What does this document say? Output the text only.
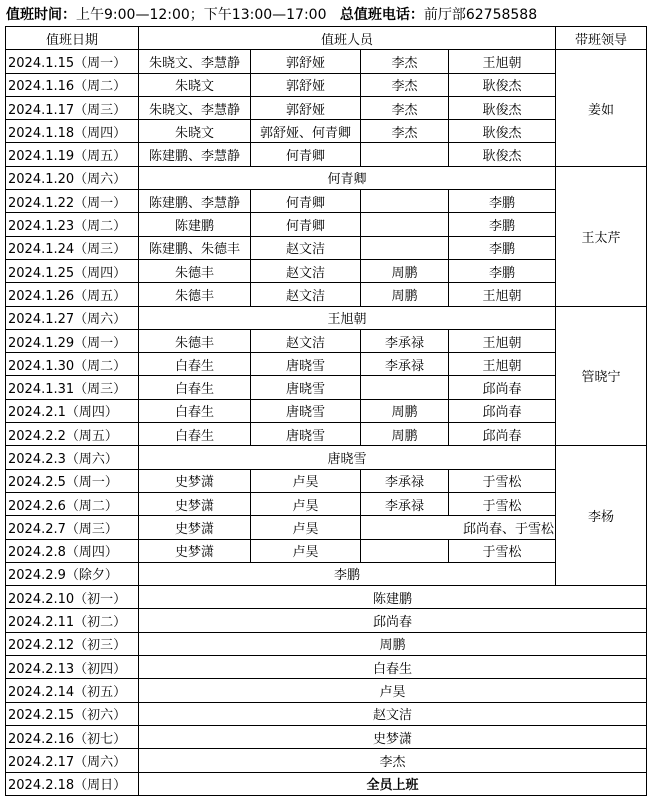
值班时间：上午9:00—12:00；下午13:00—17:00 总值班电话：前厅部62758588
值班日期	值班人员				带班领导
2024.1.15（周一）	朱晓文、李慧静	郭舒娅	李杰	王旭朝	姜如
2024.1.16（周二）	朱晓文	郭舒娅	李杰	耿俊杰	
2024.1.17（周三）	朱晓文、李慧静	郭舒娅	李杰	耿俊杰	
2024.1.18（周四）	朱晓文	郭舒娅、何青卿	李杰	耿俊杰	
2024.1.19（周五）	陈建鹏、李慧静	何青卿		耿俊杰	
2024.1.20（周六）	何青卿				王太芹
2024.1.22（周一）	陈建鹏、李慧静	何青卿		李鹏	
2024.1.23（周二）	陈建鹏	何青卿		李鹏	
2024.1.24（周三）	陈建鹏、朱德丰	赵文洁		李鹏	
2024.1.25（周四）	朱德丰	赵文洁	周鹏	李鹏	
2024.1.26（周五）	朱德丰	赵文洁	周鹏	王旭朝	
2024.1.27（周六）	王旭朝				管晓宁
2024.1.29（周一）	朱德丰	赵文洁	李承禄	王旭朝	
2024.1.30（周二）	白春生	唐晓雪	李承禄	王旭朝	
2024.1.31（周三）	白春生	唐晓雪		邱尚春	
2024.2.1（周四）	白春生	唐晓雪	周鹏	邱尚春	
2024.2.2（周五）	白春生	唐晓雪	周鹏	邱尚春	
2024.2.3（周六）	唐晓雪				李杨
2024.2.5（周一）	史梦潇	卢昊	李承禄	于雪松	
2024.2.6（周二）	史梦潇	卢昊	李承禄	于雪松	
2024.2.7（周三）	史梦潇	卢昊	邱尚春、于雪松		
2024.2.8（周四）	史梦潇	卢昊		于雪松	
2024.2.9（除夕）	李鹏				
2024.2.10（初一）	陈建鹏				
2024.2.11（初二）	邱尚春				
2024.2.12（初三）	周鹏				
2024.2.13（初四）	白春生				
2024.2.14（初五）	卢昊				
2024.2.15（初六）	赵文洁				
2024.2.16（初七）	史梦潇				
2024.2.17（周六）	李杰				
2024.2.18（周日）	全员上班				
